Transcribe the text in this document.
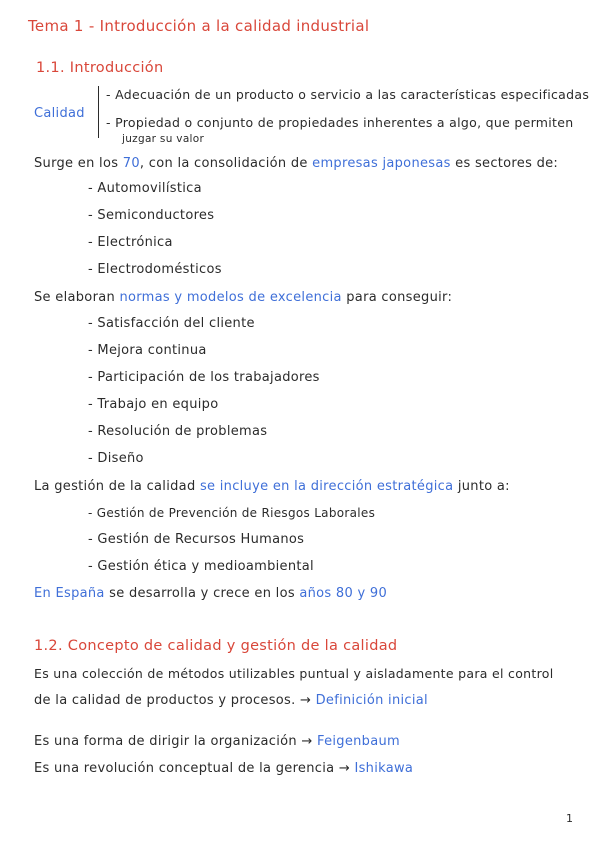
Tema 1 - Introducción a la calidad industrial
1.1. Introducción
Calidad
- Adecuación de un producto o servicio a las características especificadas
- Propiedad o conjunto de propiedades inherentes a algo, que permiten
juzgar su valor
Surge en los 70, con la consolidación de empresas japonesas es sectores de:
- Automovilística
- Semiconductores
- Electrónica
- Electrodomésticos
Se elaboran normas y modelos de excelencia para conseguir:
- Satisfacción del cliente
- Mejora continua
- Participación de los trabajadores
- Trabajo en equipo
- Resolución de problemas
- Diseño
La gestión de la calidad se incluye en la dirección estratégica junto a:
- Gestión de Prevención de Riesgos Laborales
- Gestión de Recursos Humanos
- Gestión ética y medioambiental
En España se desarrolla y crece en los años 80 y 90
1.2. Concepto de calidad y gestión de la calidad
Es una colección de métodos utilizables puntual y aisladamente para el control
de la calidad de productos y procesos. → Definición inicial
Es una forma de dirigir la organización → Feigenbaum
Es una revolución conceptual de la gerencia → Ishikawa
1
